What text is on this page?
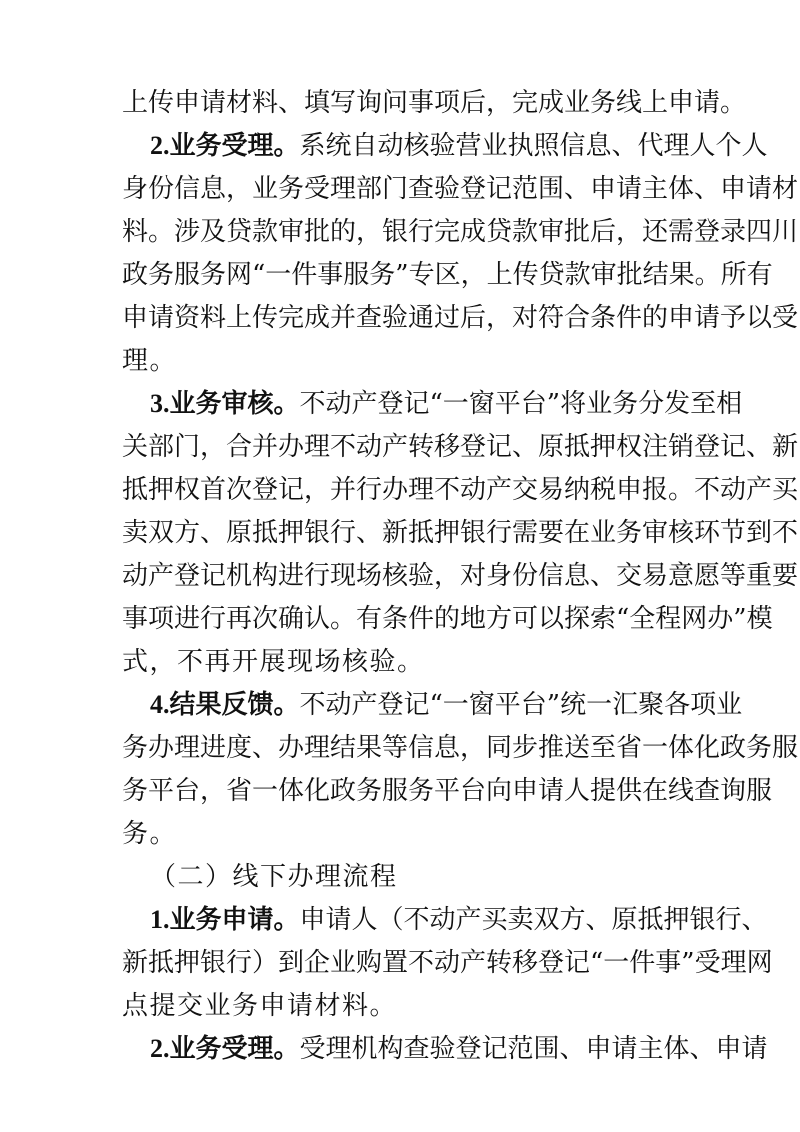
上传申请材料、填写询问事项后，完成业务线上申请。
2.业务受理。系统自动核验营业执照信息、代理人个人
身份信息，业务受理部门查验登记范围、申请主体、申请材
料。涉及贷款审批的，银行完成贷款审批后，还需登录四川
政务服务网“一件事服务”专区，上传贷款审批结果。所有
申请资料上传完成并查验通过后，对符合条件的申请予以受
理。
3.业务审核。不动产登记“一窗平台”将业务分发至相
关部门，合并办理不动产转移登记、原抵押权注销登记、新
抵押权首次登记，并行办理不动产交易纳税申报。不动产买
卖双方、原抵押银行、新抵押银行需要在业务审核环节到不
动产登记机构进行现场核验，对身份信息、交易意愿等重要
事项进行再次确认。有条件的地方可以探索“全程网办”模
式，不再开展现场核验。
4.结果反馈。不动产登记“一窗平台”统一汇聚各项业
务办理进度、办理结果等信息，同步推送至省一体化政务服
务平台，省一体化政务服务平台向申请人提供在线查询服
务。
（二）线下办理流程
1.业务申请。申请人（不动产买卖双方、原抵押银行、
新抵押银行）到企业购置不动产转移登记“一件事”受理网
点提交业务申请材料。
2.业务受理。受理机构查验登记范围、申请主体、申请
